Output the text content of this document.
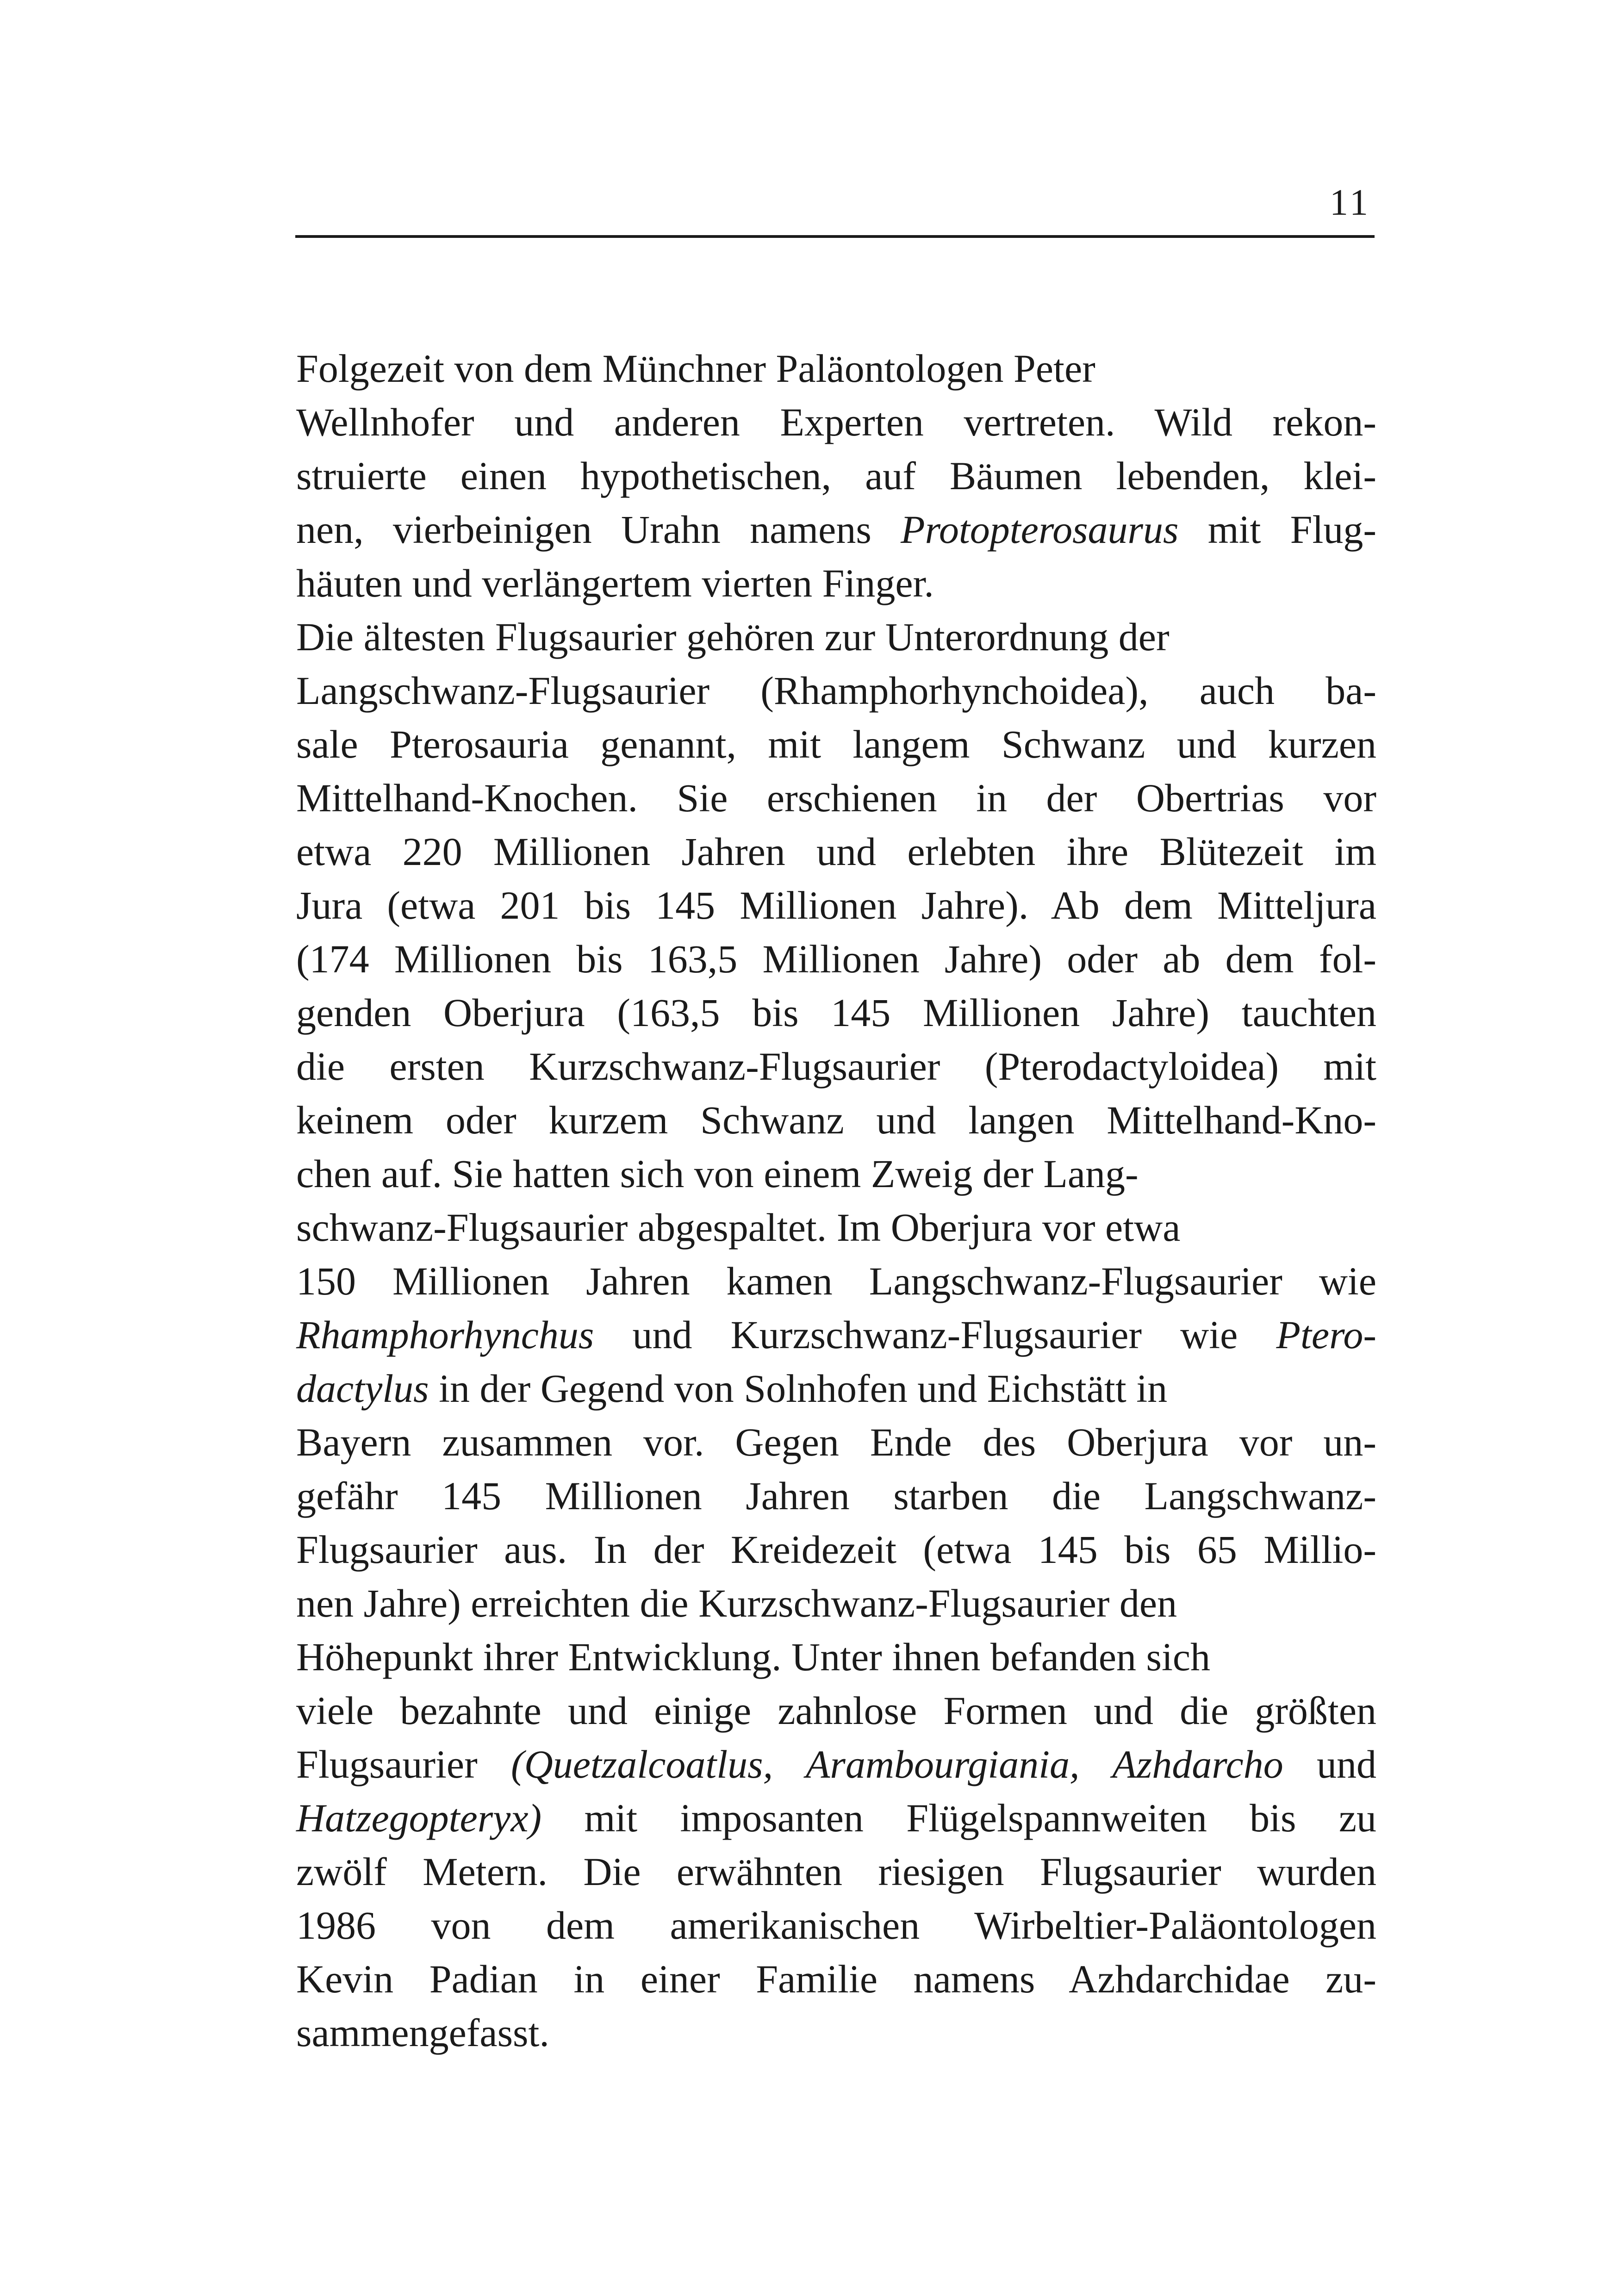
11
Folgezeit von dem Münchner Paläontologen Peter
Wellnhofer und anderen Experten vertreten. Wild rekon-
struierte einen hypothetischen, auf Bäumen lebenden, klei-
nen, vierbeinigen Urahn namens Protopterosaurus mit Flug-
häuten und verlängertem vierten Finger.
Die ältesten Flugsaurier gehören zur Unterordnung der
Langschwanz-Flugsaurier (Rhamphorhynchoidea), auch ba-
sale Pterosauria genannt, mit langem Schwanz und kurzen
Mittelhand-Knochen. Sie erschienen in der Obertrias vor
etwa 220 Millionen Jahren und erlebten ihre Blütezeit im
Jura (etwa 201 bis 145 Millionen Jahre). Ab dem Mitteljura
(174 Millionen bis 163,5 Millionen Jahre) oder ab dem fol-
genden Oberjura (163,5 bis 145 Millionen Jahre) tauchten
die ersten Kurzschwanz-Flugsaurier (Pterodactyloidea) mit
keinem oder kurzem Schwanz und langen Mittelhand-Kno-
chen auf. Sie hatten sich von einem Zweig der Lang-
schwanz-Flugsaurier abgespaltet. Im Oberjura vor etwa
150 Millionen Jahren kamen Langschwanz-Flugsaurier wie
Rhamphorhynchus und Kurzschwanz-Flugsaurier wie Ptero-
dactylus in der Gegend von Solnhofen und Eichstätt in
Bayern zusammen vor. Gegen Ende des Oberjura vor un-
gefähr 145 Millionen Jahren starben die Langschwanz-
Flugsaurier aus. In der Kreidezeit (etwa 145 bis 65 Millio-
nen Jahre) erreichten die Kurzschwanz-Flugsaurier den
Höhepunkt ihrer Entwicklung. Unter ihnen befanden sich
viele bezahnte und einige zahnlose Formen und die größten
Flugsaurier (Quetzalcoatlus, Arambourgiania, Azhdarcho und
Hatzegopteryx) mit imposanten Flügelspannweiten bis zu
zwölf Metern. Die erwähnten riesigen Flugsaurier wurden
1986 von dem amerikanischen Wirbeltier-Paläontologen
Kevin Padian in einer Familie namens Azhdarchidae zu-
sammengefasst.
